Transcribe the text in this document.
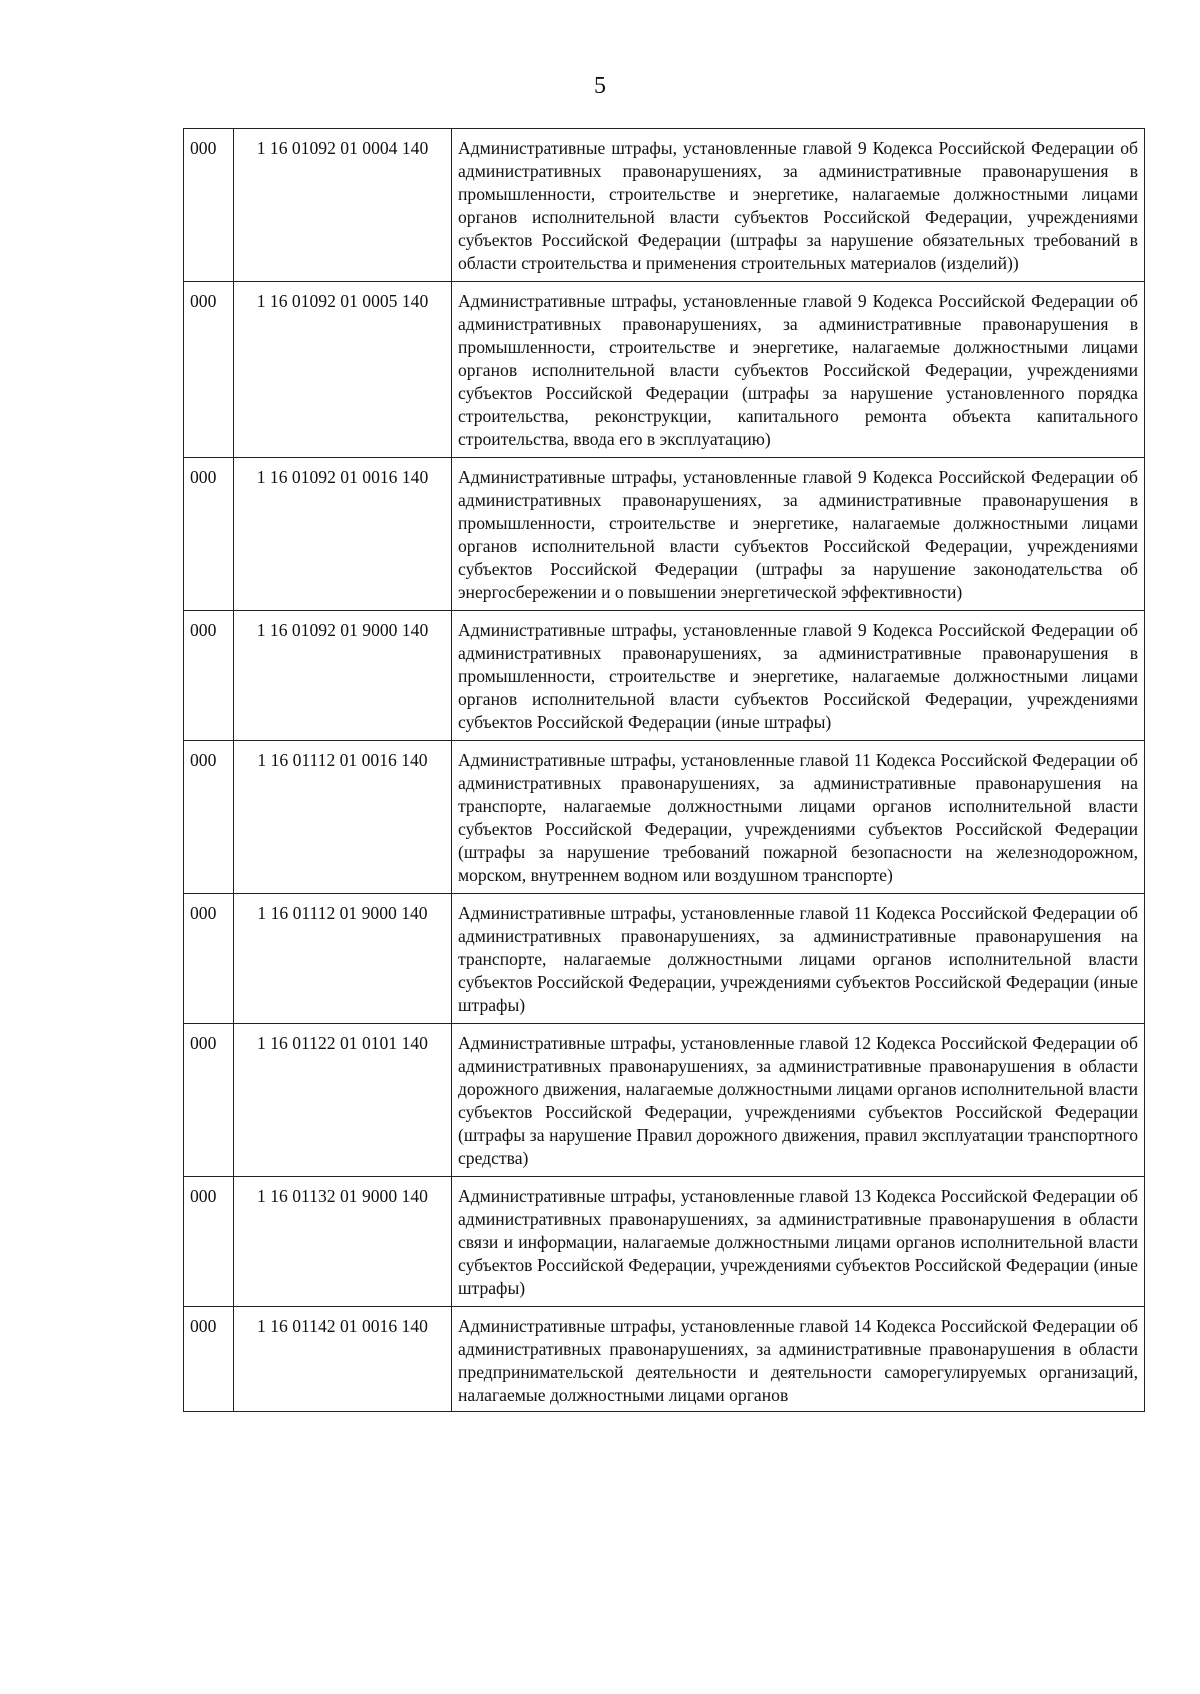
5
000	1 16 01092 01 0004 140	Административные штрафы, установленные главой 9 Кодекса Российской Федерации об административных правонарушениях, за административные правонарушения в промышленности, строительстве и энергетике, налагаемые должностными лицами органов исполнительной власти субъектов Российской Федерации, учреждениями субъектов Российской Федерации (штрафы за нарушение обязательных требований в области строительства и применения строительных материалов (изделий))
000	1 16 01092 01 0005 140	Административные штрафы, установленные главой 9 Кодекса Российской Федерации об административных правонарушениях, за административные правонарушения в промышленности, строительстве и энергетике, налагаемые должностными лицами органов исполнительной власти субъектов Российской Федерации, учреждениями субъектов Российской Федерации (штрафы за нарушение установленного порядка строительства, реконструкции, капитального ремонта объекта капитального строительства, ввода его в эксплуатацию)
000	1 16 01092 01 0016 140	Административные штрафы, установленные главой 9 Кодекса Российской Федерации об административных правонарушениях, за административные правонарушения в промышленности, строительстве и энергетике, налагаемые должностными лицами органов исполнительной власти субъектов Российской Федерации, учреждениями субъектов Российской Федерации (штрафы за нарушение законодательства об энергосбережении и о повышении энергетической эффективности)
000	1 16 01092 01 9000 140	Административные штрафы, установленные главой 9 Кодекса Российской Федерации об административных правонарушениях, за административные правонарушения в промышленности, строительстве и энергетике, налагаемые должностными лицами органов исполнительной власти субъектов Российской Федерации, учреждениями субъектов Российской Федерации (иные штрафы)
000	1 16 01112 01 0016 140	Административные штрафы, установленные главой 11 Кодекса Российской Федерации об административных правонарушениях, за административные правонарушения на транспорте, налагаемые должностными лицами органов исполнительной власти субъектов Российской Федерации, учреждениями субъектов Российской Федерации (штрафы за нарушение требований пожарной безопасности на железнодорожном, морском, внутреннем водном или воздушном транспорте)
000	1 16 01112 01 9000 140	Административные штрафы, установленные главой 11 Кодекса Российской Федерации об административных правонарушениях, за административные правонарушения на транспорте, налагаемые должностными лицами органов исполнительной власти субъектов Российской Федерации, учреждениями субъектов Российской Федерации (иные штрафы)
000	1 16 01122 01 0101 140	Административные штрафы, установленные главой 12 Кодекса Российской Федерации об административных правонарушениях, за административные правонарушения в области дорожного движения, налагаемые должностными лицами органов исполнительной власти субъектов Российской Федерации, учреждениями субъектов Российской Федерации (штрафы за нарушение Правил дорожного движения, правил эксплуатации транспортного средства)
000	1 16 01132 01 9000 140	Административные штрафы, установленные главой 13 Кодекса Российской Федерации об административных правонарушениях, за административные правонарушения в области связи и информации, налагаемые должностными лицами органов исполнительной власти субъектов Российской Федерации, учреждениями субъектов Российской Федерации (иные штрафы)
000	1 16 01142 01 0016 140	Административные штрафы, установленные главой 14 Кодекса Российской Федерации об административных правонарушениях, за административные правонарушения в области предпринимательской деятельности и деятельности саморегулируемых организаций, налагаемые должностными лицами органов
